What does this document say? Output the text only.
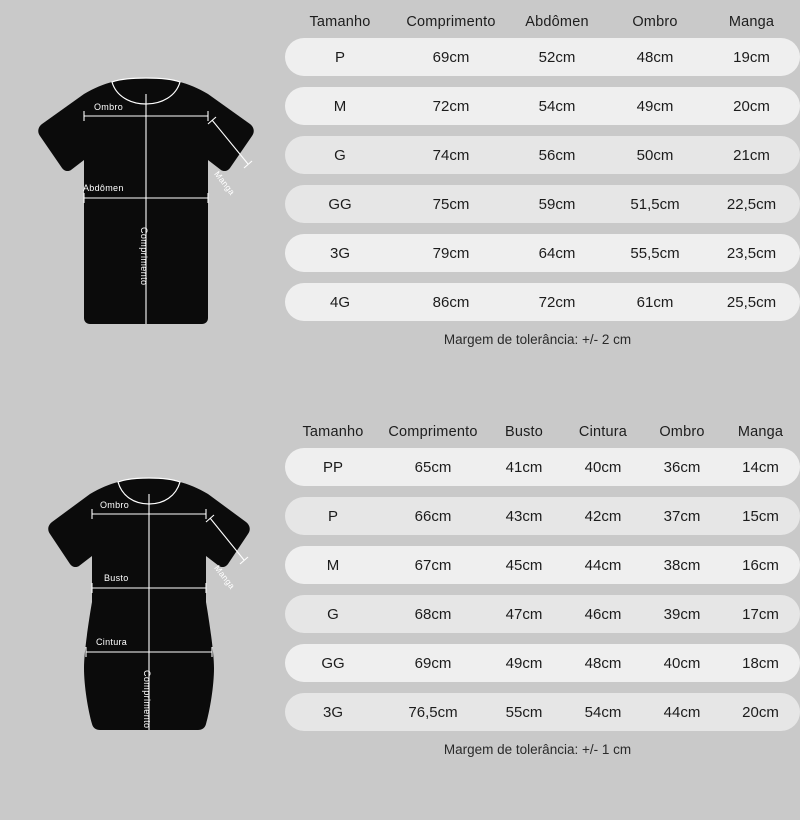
Ombro
Abdômen	Manga
Comprimento
Tamanho	Comprimento	Abdômen	Ombro	Manga
P	69cm	52cm	48cm	19cm
M	72cm	54cm	49cm	20cm
G	74cm	56cm	50cm	21cm
GG	75cm	59cm	51,5cm	22,5cm
3G	79cm	64cm	55,5cm	23,5cm
4G	86cm	72cm	61cm	25,5cm
Margem de tolerância: +/- 2 cm
Ombro
Busto
Cintura
Manga
Comprimento
Tamanho	Comprimento	Busto	Cintura	Ombro	Manga
PP	65cm	41cm	40cm	36cm	14cm
P	66cm	43cm	42cm	37cm	15cm
M	67cm	45cm	44cm	38cm	16cm
G	68cm	47cm	46cm	39cm	17cm
GG	69cm	49cm	48cm	40cm	18cm
3G	76,5cm	55cm	54cm	44cm	20cm
Margem de tolerância: +/- 1 cm
